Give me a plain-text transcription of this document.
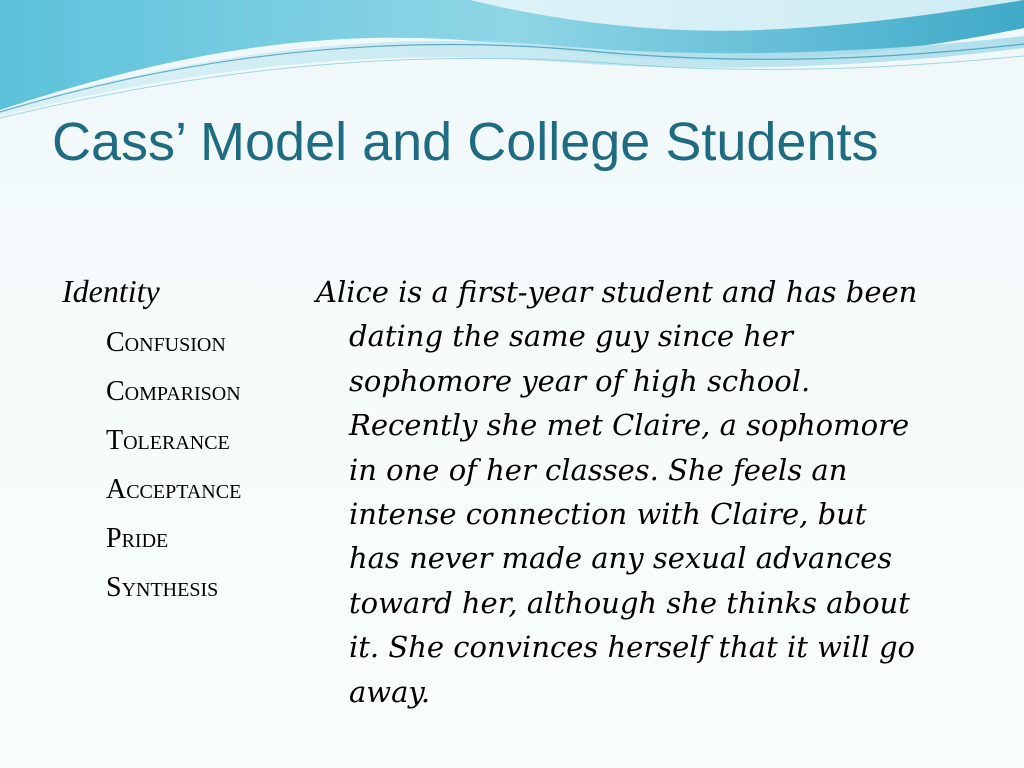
Cass’ Model and College Students
Identity
Confusion
Comparison
Tolerance
Acceptance
Pride
Synthesis

Alice is a first-year student and has been
dating the same guy since her
sophomore year of high school.
Recently she met Claire, a sophomore
in one of her classes. She feels an
intense connection with Claire, but
has never made any sexual advances
toward her, although she thinks about
it. She convinces herself that it will go
away.
